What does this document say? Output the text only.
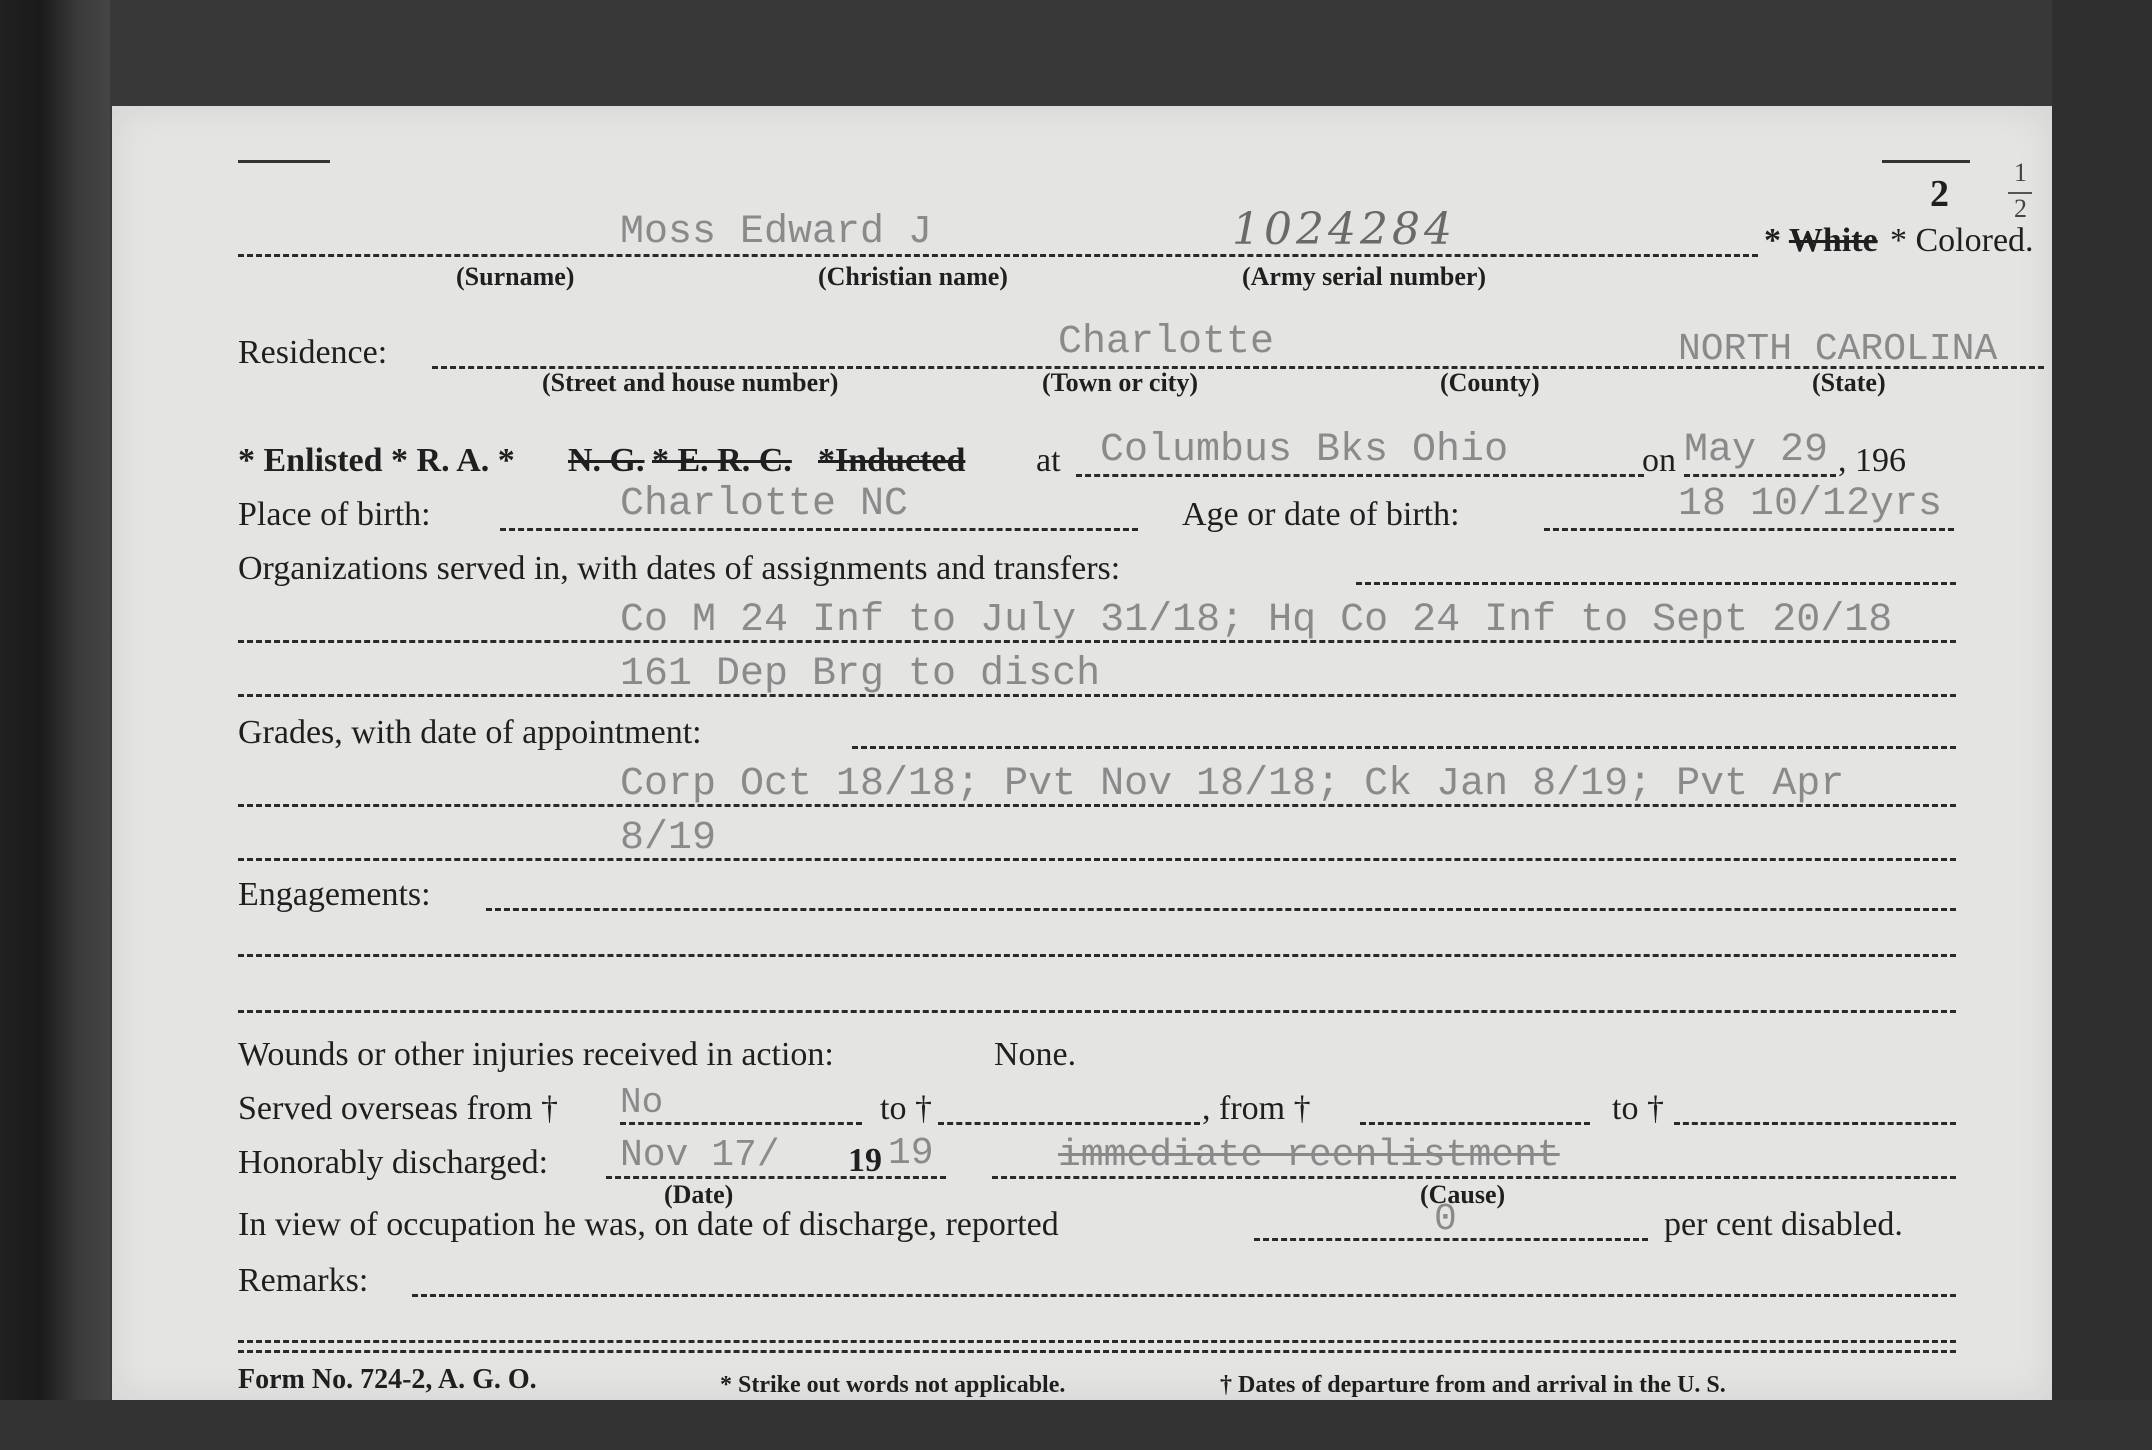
2
1
2
Moss Edward J	1024284	* White * Colored.
(Surname)	(Christian name)	(Army serial number)
Residence:	Charlotte	NORTH CAROLINA
(Street and house number)	(Town or city)	(County)	(State)
* Enlisted * R. A. * N. G. * E. R. C. *Inducted at Columbus Bks Ohio	on May 29 , 196
Place of birth:	Charlotte NC	Age or date of birth:	18 10/12yrs
Organizations served in, with dates of assignments and transfers:
Co M 24 Inf to July 31/18; Hq Co 24 Inf to Sept 20/18
161 Dep Brg to disch
Grades, with date of appointment:
Corp Oct 18/18; Pvt Nov 18/18; Ck Jan 8/19; Pvt Apr
8/19
Engagements:
Wounds or other injuries received in action:	None.
Served overseas from † No	to †	, from †	to †
Honorably discharged: Nov 17/ 19 19	immediate reenlistment
(Date)	(Cause)
In view of occupation he was, on date of discharge, reported	0	per cent disabled.
Remarks:
Form No. 724-2, A. G. O.	* Strike out words not applicable.	† Dates of departure from and arrival in the U. S.
